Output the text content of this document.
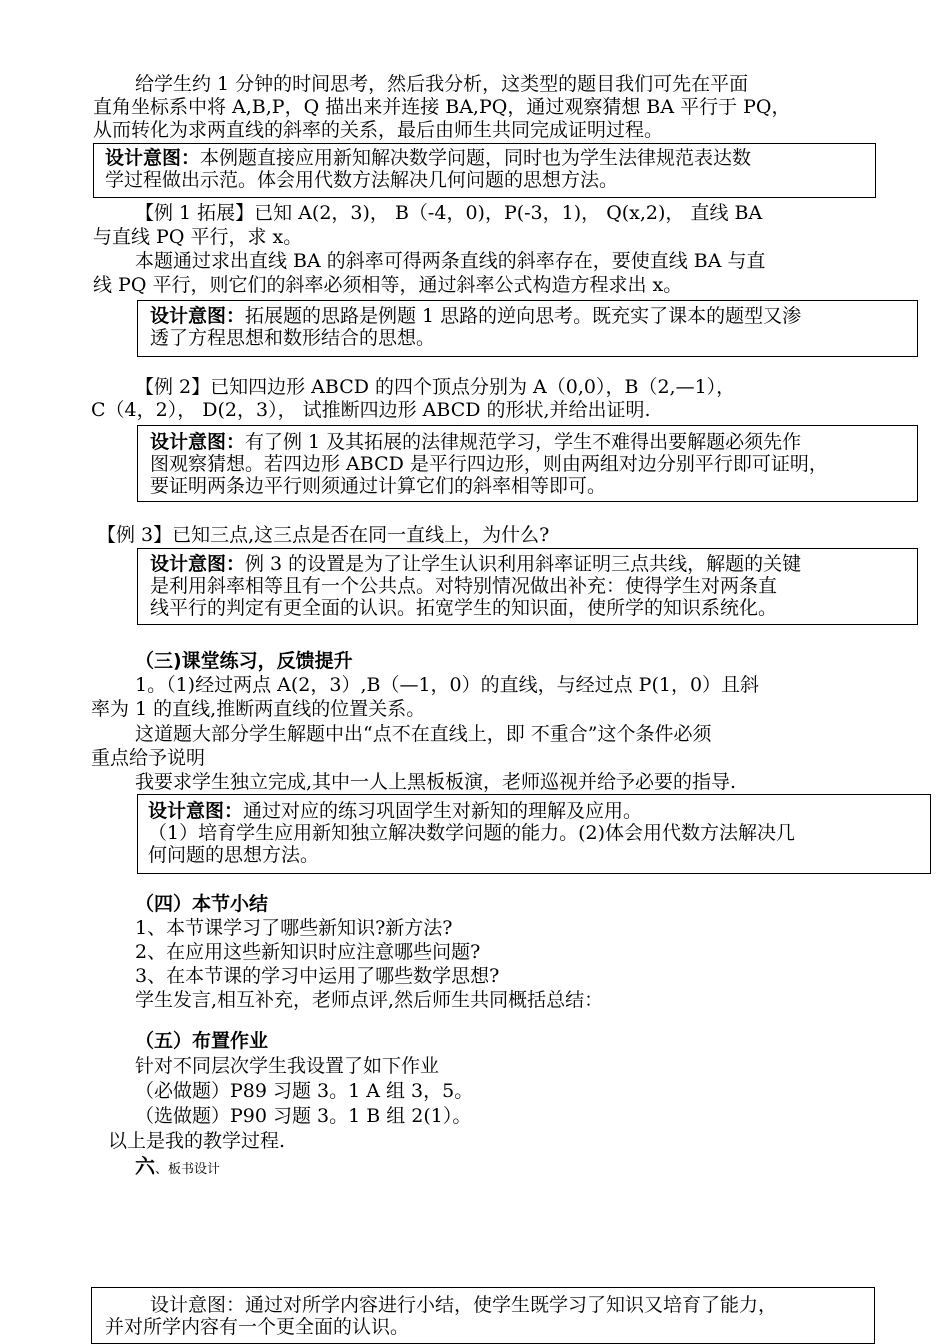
给学生约 1 分钟的时间思考，然后我分析，这类型的题目我们可先在平面
直角坐标系中将 A,B,P，Q 描出来并连接 BA,PQ，通过观察猜想 BA 平行于 PQ，
从而转化为求两直线的斜率的关系，最后由师生共同完成证明过程。
设计意图：本例题直接应用新知解决数学问题，同时也为学生法律规范表达数
学过程做出示范。体会用代数方法解决几何问题的思想方法。
【例 1 拓展】已知 A(2，3)， B（-4，0)，P(-3，1)， Q(x,2)， 直线 BA
与直线 PQ 平行，求 x。
本题通过求出直线 BA 的斜率可得两条直线的斜率存在，要使直线 BA 与直
线 PQ 平行，则它们的斜率必须相等，通过斜率公式构造方程求出 x。
设计意图：拓展题的思路是例题 1 思路的逆向思考。既充实了课本的题型又渗
透了方程思想和数形结合的思想。
【例 2】已知四边形 ABCD 的四个顶点分别为 A（0,0），B（2,—1），
C（4，2）， D(2，3）， 试推断四边形 ABCD 的形状,并给出证明.
设计意图：有了例 1 及其拓展的法律规范学习，学生不难得出要解题必须先作
图观察猜想。若四边形 ABCD 是平行四边形，则由两组对边分别平行即可证明，
要证明两条边平行则须通过计算它们的斜率相等即可。
【例 3】已知三点,这三点是否在同一直线上，为什么?
设计意图：例 3 的设置是为了让学生认识利用斜率证明三点共线，解题的关键
是利用斜率相等且有一个公共点。对特别情况做出补充：使得学生对两条直
线平行的判定有更全面的认识。拓宽学生的知识面，使所学的知识系统化。
（三)课堂练习，反馈提升
1。（1)经过两点 A(2，3）,B（—1，0）的直线，与经过点 P(1，0）且斜
率为 1 的直线,推断两直线的位置关系。
这道题大部分学生解题中出“点不在直线上，即 不重合”这个条件必须
重点给予说明
我要求学生独立完成,其中一人上黑板板演，老师巡视并给予必要的指导.
设计意图：通过对应的练习巩固学生对新知的理解及应用。
（1）培育学生应用新知独立解决数学问题的能力。(2)体会用代数方法解决几
何问题的思想方法。
（四）本节小结
1、本节课学习了哪些新知识?新方法?
2、在应用这些新知识时应注意哪些问题?
3、在本节课的学习中运用了哪些数学思想?
学生发言,相互补充，老师点评,然后师生共同概括总结：
（五）布置作业
针对不同层次学生我设置了如下作业
（必做题）P89 习题 3。1 A 组 3，5。
（选做题）P90 习题 3。1 B 组 2(1）。
以上是我的教学过程.
六、板书设计
设计意图：通过对所学内容进行小结，使学生既学习了知识又培育了能力，
并对所学内容有一个更全面的认识。
